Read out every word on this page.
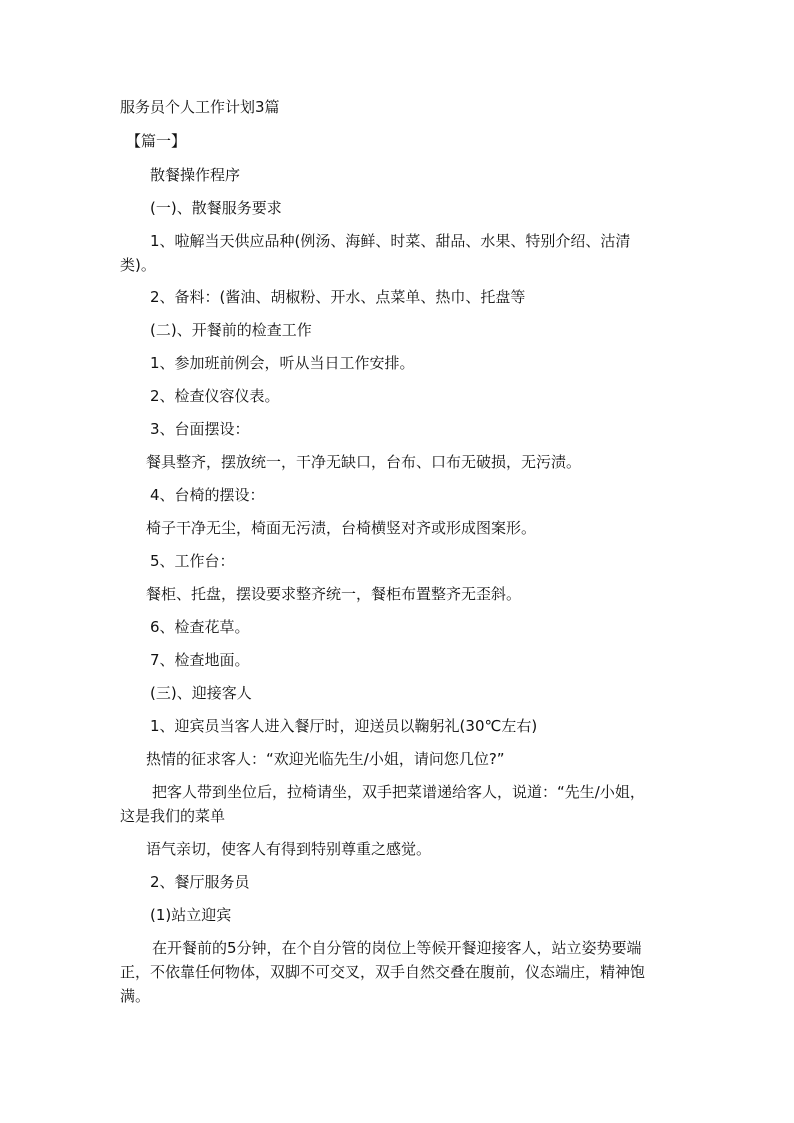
服务员个人工作计划3篇

【篇一】

散餐操作程序

(一)、散餐服务要求

1、啦解当天供应品种(例汤、海鲜、时菜、甜品、水果、特别介绍、沽清

类)。

2、备料：(酱油、胡椒粉、开水、点菜单、热巾、托盘等

(二)、开餐前的检查工作

1、参加班前例会，听从当日工作安排。

2、检查仪容仪表。

3、台面摆设：

餐具整齐，摆放统一，干净无缺口，台布、口布无破损，无污渍。

4、台椅的摆设：

椅子干净无尘，椅面无污渍，台椅横竖对齐或形成图案形。

5、工作台：

餐柜、托盘，摆设要求整齐统一，餐柜布置整齐无歪斜。

6、检查花草。

7、检查地面。

(三)、迎接客人

1、迎宾员当客人进入餐厅时，迎送员以鞠躬礼(30℃左右)

热情的征求客人：“欢迎光临先生/小姐，请问您几位?”

把客人带到坐位后，拉椅请坐，双手把菜谱递给客人，说道：“先生/小姐，

这是我们的菜单

语气亲切，使客人有得到特别尊重之感觉。

2、餐厅服务员

(1)站立迎宾

在开餐前的5分钟，在个自分管的岗位上等候开餐迎接客人，站立姿势要端

正，不依靠任何物体，双脚不可交叉，双手自然交叠在腹前，仪态端庄，精神饱

满。
